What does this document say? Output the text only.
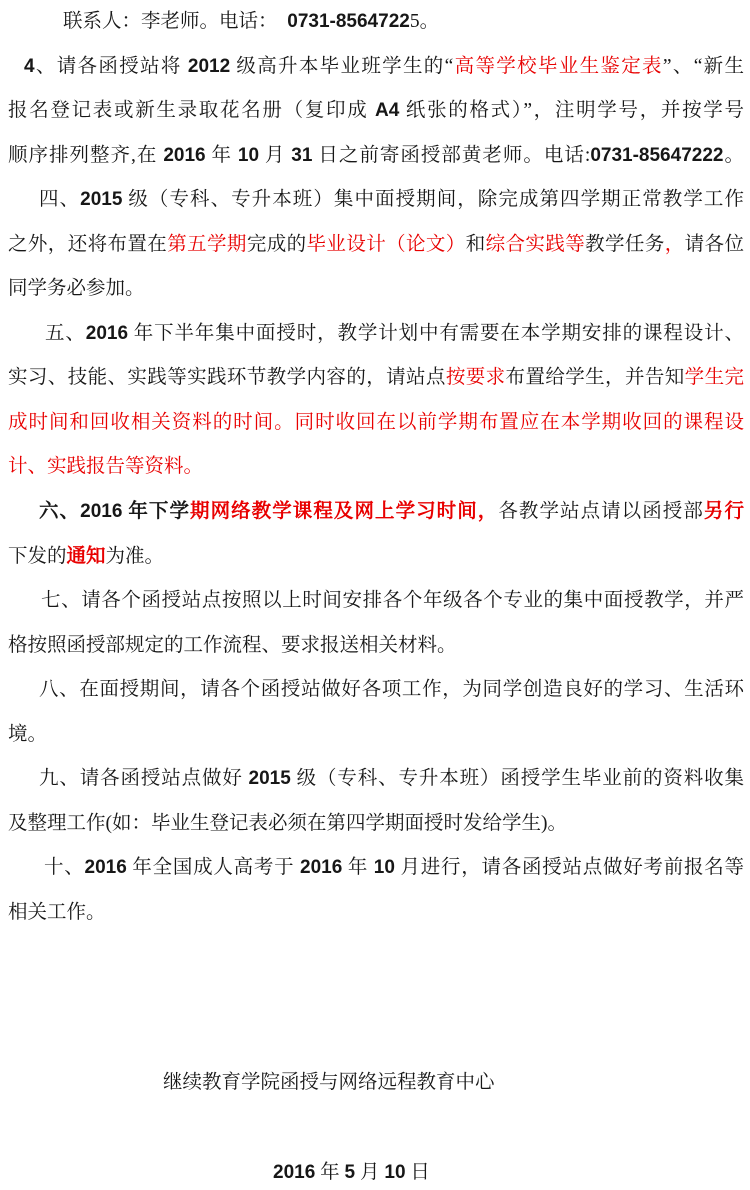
联系人：李老师。电话：  0731-85647225。
4、请各函授站将 2012 级高升本毕业班学生的“高等学校毕业生鉴定表”、“新生
报名登记表或新生录取花名册（复印成 A4 纸张的格式）”，注明学号，并按学号
顺序排列整齐,在 2016 年 10 月 31 日之前寄函授部黄老师。电话:0731-85647222。
四、2015 级（专科、专升本班）集中面授期间，除完成第四学期正常教学工作
之外，还将布置在第五学期完成的毕业设计（论文）和综合实践等教学任务，请各位
同学务必参加。
五、2016 年下半年集中面授时，教学计划中有需要在本学期安排的课程设计、
实习、技能、实践等实践环节教学内容的，请站点按要求布置给学生，并告知学生完
成时间和回收相关资料的时间。同时收回在以前学期布置应在本学期收回的课程设
计、实践报告等资料。
六、2016 年下学期网络教学课程及网上学习时间，各教学站点请以函授部另行
下发的通知为准。
七、请各个函授站点按照以上时间安排各个年级各个专业的集中面授教学，并严
格按照函授部规定的工作流程、要求报送相关材料。
八、在面授期间，请各个函授站做好各项工作，为同学创造良好的学习、生活环
境。
九、请各函授站点做好 2015 级（专科、专升本班）函授学生毕业前的资料收集
及整理工作(如：毕业生登记表必须在第四学期面授时发给学生)。
十、2016 年全国成人高考于 2016 年 10 月进行，请各函授站点做好考前报名等
相关工作。
继续教育学院函授与网络远程教育中心
2016 年 5 月 10 日
